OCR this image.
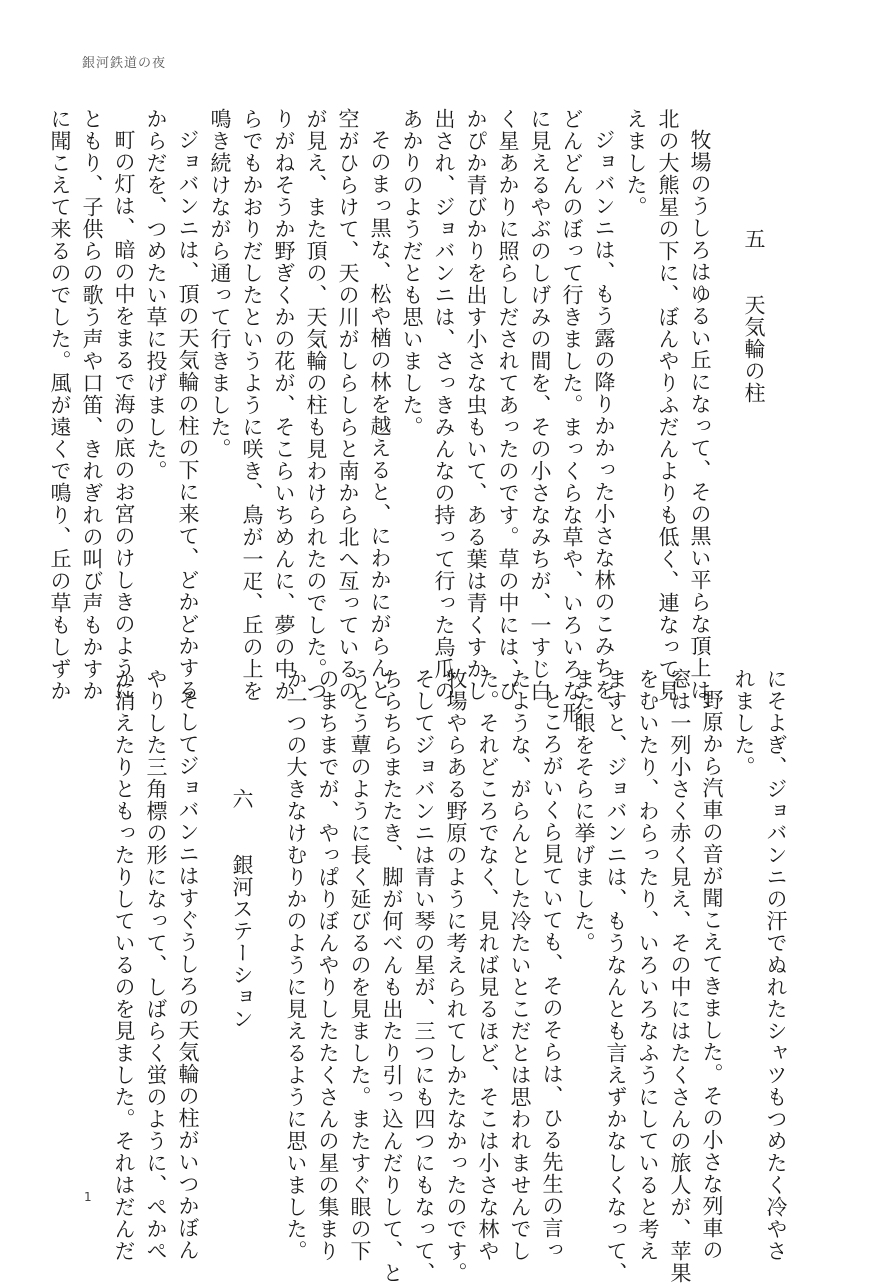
銀河鉄道の夜
五　天気輪の柱

牧場のうしろはゆるい丘になって、その黒い平らな頂上は、

北の大熊星の下に、ぼんやりふだんよりも低く、連なって見

えました。

ジョバンニは、もう露の降りかかった小さな林のこみちを、

どんどんのぼって行きました。まっくらな草や、いろいろな形

に見えるやぶのしげみの間を、その小さなみちが、一すじ白

く星あかりに照らしだされてあったのです。草の中には、ぴ

かぴか青びかりを出す小さな虫もいて、ある葉は青くすかし

出され、ジョバンニは、さっきみんなの持って行った烏瓜の

あかりのようだとも思いました。

そのまっ黒な、松や楢の林を越えると、にわかにがらんと

空がひらけて、天の川がしらしらと南から北へ亙っているの

が見え、また頂の、天気輪の柱も見わけられたのでした。つ

りがねそうか野ぎくかの花が、そこらいちめんに、夢の中か

らでもかおりだしたというように咲き、鳥が一疋、丘の上を

鳴き続けながら通って行きました。

ジョバンニは、頂の天気輪の柱の下に来て、どかどかする

からだを、つめたい草に投げました。

町の灯は、暗の中をまるで海の底のお宮のけしきのように

ともり、子供らの歌う声や口笛、きれぎれの叫び声もかすか

に聞こえて来るのでした。風が遠くで鳴り、丘の草もしずか

にそよぎ、ジョバンニの汗でぬれたシャツもつめたく冷やさ

れました。

野原から汽車の音が聞こえてきました。その小さな列車の

窓は一列小さく赤く見え、その中にはたくさんの旅人が、苹果

をむいたり、わらったり、いろいろなふうにしていると考え

ますと、ジョバンニは、もうなんとも言えずかなしくなって、

また眼をそらに挙げました。

ところがいくら見ていても、そのそらは、ひる先生の言っ

たような、がらんとした冷たいとこだとは思われませんでし

た。それどころでなく、見れば見るほど、そこは小さな林や

牧場やらある野原のように考えられてしかたなかったのです。

そしてジョバンニは青い琴の星が、三つにも四つにもなって、

ちらちらまたたき、脚が何べんも出たり引っ込んだりして、と

うとう蕈のように長く延びるのを見ました。またすぐ眼の下

のまちまでが、やっぱりぼんやりしたたくさんの星の集まり

か一つの大きなけむりかのように見えるように思いました。

六　銀河ステーション

そしてジョバンニはすぐうしろの天気輪の柱がいつかぼん

やりした三角標の形になって、しばらく蛍のように、ぺかぺ

か消えたりともったりしているのを見ました。それはだんだ

1
